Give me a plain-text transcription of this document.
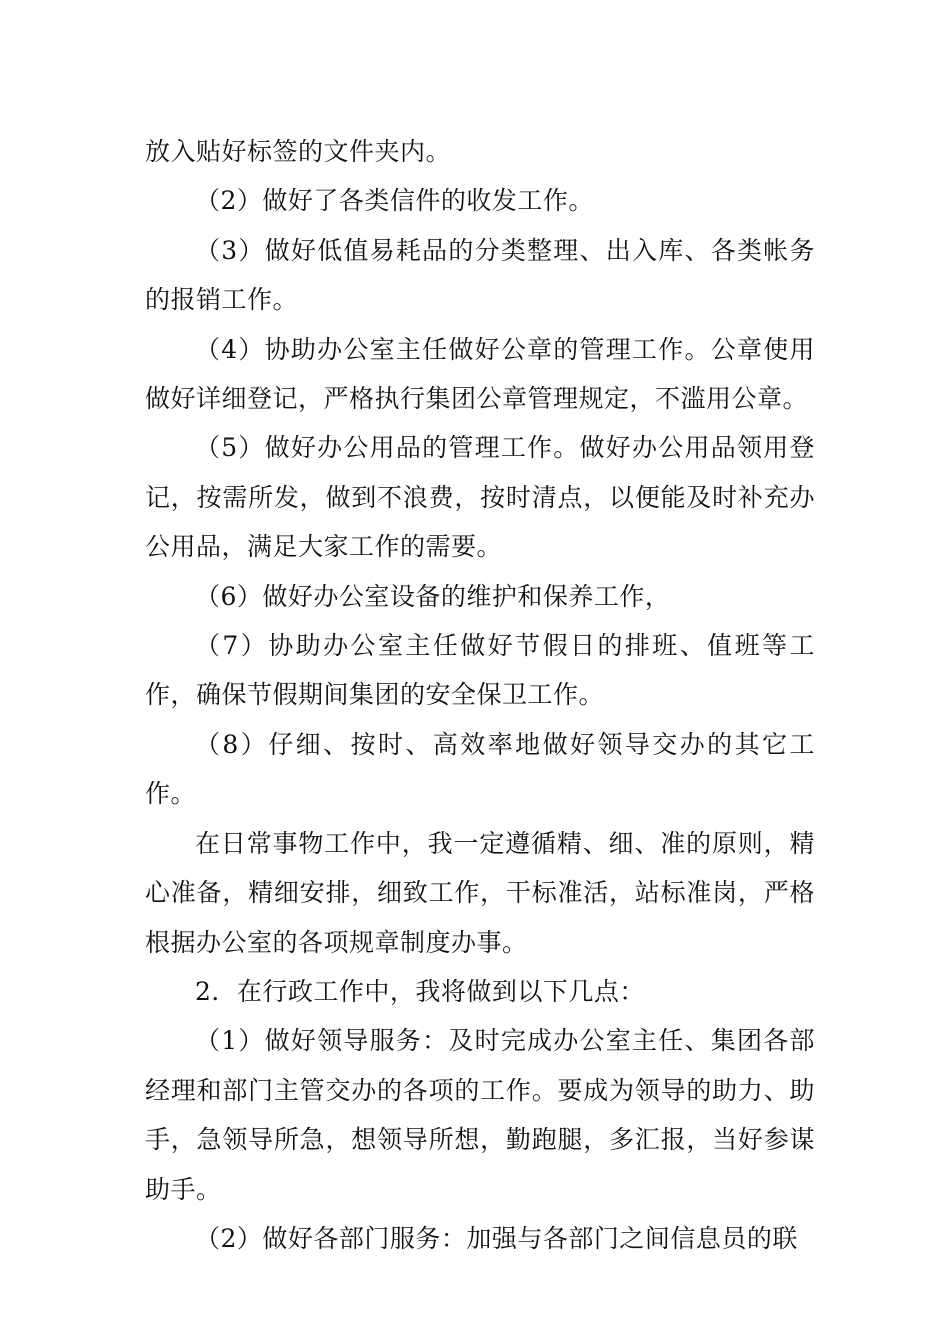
放入贴好标签的文件夹内。

（2）做好了各类信件的收发工作。

（3）做好低值易耗品的分类整理、出入库、各类帐务的报销工作。

（4）协助办公室主任做好公章的管理工作。公章使用做好详细登记，严格执行集团公章管理规定，不滥用公章。

（5）做好办公用品的管理工作。做好办公用品领用登记，按需所发，做到不浪费，按时清点，以便能及时补充办公用品，满足大家工作的需要。

（6）做好办公室设备的维护和保养工作，

（7）协助办公室主任做好节假日的排班、值班等工作，确保节假期间集团的安全保卫工作。

（8）仔细、按时、高效率地做好领导交办的其它工作。

在日常事物工作中，我一定遵循精、细、准的原则，精心准备，精细安排，细致工作，干标准活，站标准岗，严格根据办公室的各项规章制度办事。

2．在行政工作中，我将做到以下几点：

（1）做好领导服务：及时完成办公室主任、集团各部经理和部门主管交办的各项的工作。要成为领导的助力、助手，急领导所急，想领导所想，勤跑腿，多汇报，当好参谋助手。

（2）做好各部门服务：加强与各部门之间信息员的联
